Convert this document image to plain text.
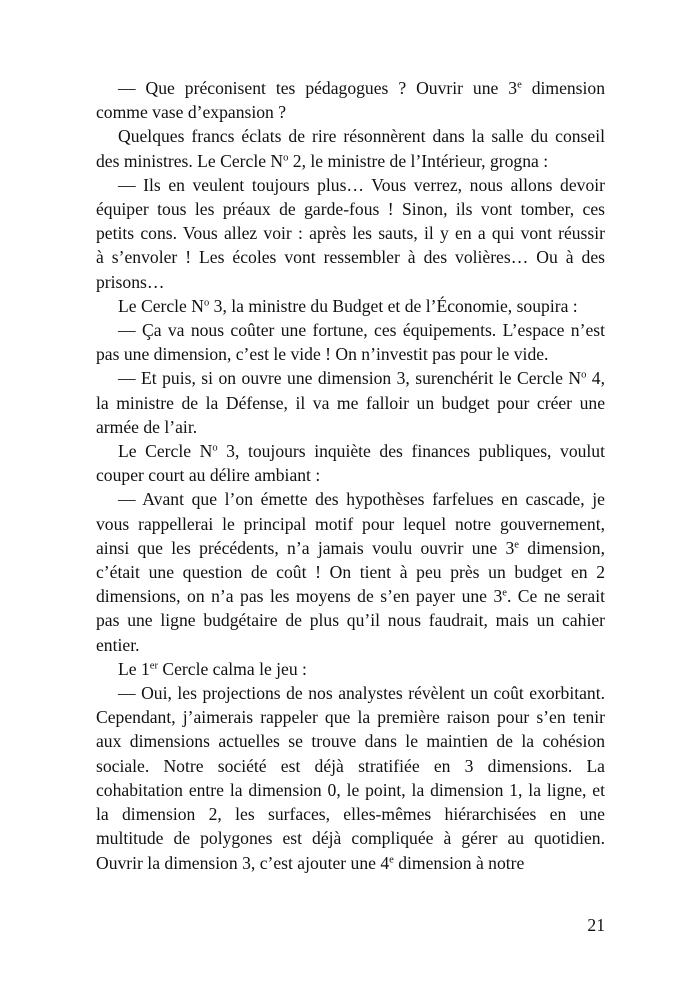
— Que préconisent tes pédagogues ? Ouvrir une 3e dimension
comme vase d’expansion ?

Quelques francs éclats de rire résonnèrent dans la salle du conseil
des ministres. Le Cercle $N^o$ 2, le ministre de l’Intérieur, grogna :

— Ils en veulent toujours plus… Vous verrez, nous allons devoir
équiper tous les préaux de garde-fous ! Sinon, ils vont tomber, ces
petits cons. Vous allez voir : après les sauts, il y en a qui vont réussir
à s’envoler ! Les écoles vont ressembler à des volières… Ou à des
prisons…

Le Cercle $N^o$ 3, la ministre du Budget et de l’Économie, soupira :

— Ça va nous coûter une fortune, ces équipements. L’espace n’est
pas une dimension, c’est le vide ! On n’investit pas pour le vide.

— Et puis, si on ouvre une dimension 3, surenchérit le Cercle $N^o$ 4,
la ministre de la Défense, il va me falloir un budget pour créer une
armée de l’air.

Le Cercle $N^o$ 3, toujours inquiète des finances publiques, voulut
couper court au délire ambiant :

— Avant que l’on émette des hypothèses farfelues en cascade, je
vous rappellerai le principal motif pour lequel notre gouvernement,
ainsi que les précédents, n’a jamais voulu ouvrir une 3e dimension,
c’était une question de coût ! On tient à peu près un budget en 2
dimensions, on n’a pas les moyens de s’en payer une 3e. Ce ne serait
pas une ligne budgétaire de plus qu’il nous faudrait, mais un cahier
entier.

Le 1er Cercle calma le jeu :

— Oui, les projections de nos analystes révèlent un coût exorbitant.
Cependant, j’aimerais rappeler que la première raison pour s’en tenir
aux dimensions actuelles se trouve dans le maintien de la cohésion
sociale. Notre société est déjà stratifiée en 3 dimensions. La
cohabitation entre la dimension 0, le point, la dimension 1, la ligne, et
la dimension 2, les surfaces, elles-mêmes hiérarchisées en une
multitude de polygones est déjà compliquée à gérer au quotidien.
Ouvrir la dimension 3, c’est ajouter une 4e dimension à notre

21
